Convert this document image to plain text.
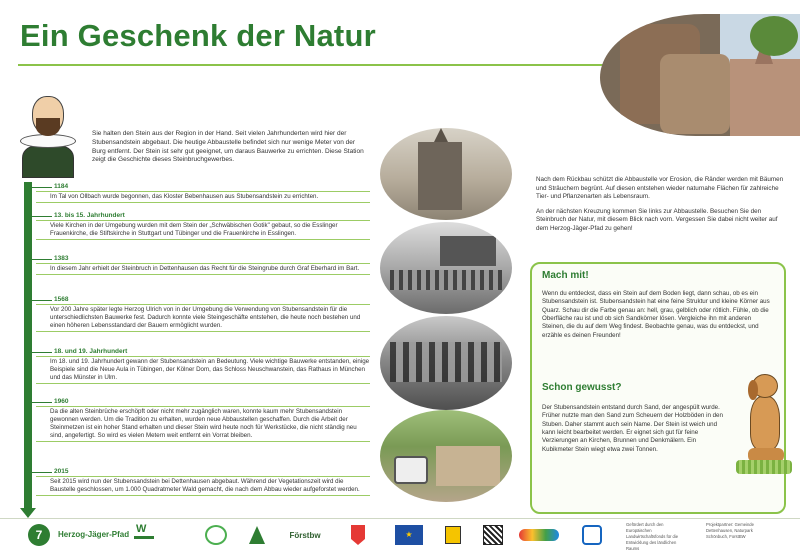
Ein Geschenk der Natur
Sie halten den Stein aus der Region in der Hand. Seit vielen Jahrhunderten wird hier der Stubensandstein abgebaut. Die heutige Abbaustelle befindet sich nur wenige Meter von der Burg entfernt. Der Stein ist sehr gut geeignet, um daraus Bauwerke zu errichten. Diese Station zeigt die Geschichte dieses Steinbruchgewerbes.
1184
Im Tal von Ollbach wurde begonnen, das Kloster Bebenhausen aus Stubensandstein zu errichten.
13. bis 15. Jahrhundert
Viele Kirchen in der Umgebung wurden mit dem Stein der „Schwäbischen Gotik" gebaut, so die Esslinger Frauenkirche, die Stiftskirche in Stuttgart und Tübinger und die Frauenkirche in Esslingen.
1383
In diesem Jahr erhielt der Steinbruch in Dettenhausen das Recht für die Steingrube durch Graf Eberhard im Bart.
1568
Vor 200 Jahre später legte Herzog Ulrich von in der Umgebung die Verwendung von Stubensandstein für die unterschiedlichsten Bauwerke fest. Dadurch konnte viele Steingeschäfte entstehen, die heute noch bestehen und einen höheren Lebensstandard der Bauern ermöglicht wurden.
18. und 19. Jahrhundert
Im 18. und 19. Jahrhundert gewann der Stubensandstein an Bedeutung. Viele wichtige Bauwerke entstanden, einige Beispiele sind die Neue Aula in Tübingen, der Kölner Dom, das Schloss Neuschwanstein, das Rathaus in München und das Münster in Ulm.
1960
Da die alten Steinbrüche erschöpft oder nicht mehr zugänglich waren, konnte kaum mehr Stubensandstein gewonnen werden. Um die Tradition zu erhalten, wurden neue Abbaustellen geschaffen. Durch die Arbeit der Steinmetzen ist ein hoher Stand erhalten und dieser Stein wird heute noch für Werkstücke, die nicht ständig neu sind, angefertigt. So wird es vielen Metern weit entfernt ein Vorrat bleiben.
2015
Seit 2015 wird nun der Stubensandstein bei Dettenhausen abgebaut. Während der Vegetationszeit wird die Baustelle geschlossen, um 1.000 Quadratmeter Wald gemacht, die nach dem Abbau wieder aufgeforstet werden.

Nach dem Rückbau schützt die Abbaustelle vor Erosion, die Ränder werden mit Bäumen und Sträuchern begrünt. Auf diesen entstehen wieder naturnahe Flächen für zahlreiche Tier- und Pflanzenarten als Lebensraum.

An der nächsten Kreuzung kommen Sie links zur Abbaustelle. Besuchen Sie den Steinbruch der Natur, mit diesem Blick nach vorn. Vergessen Sie dabei nicht weiter auf dem Herzog-Jäger-Pfad zu gehen!

Mach mit!
Wenn du entdeckst, dass ein Stein auf dem Boden liegt, dann schau, ob es ein Stubensandstein ist. Stubensandstein hat eine feine Struktur und kleine Körner aus Quarz. Schau dir die Farbe genau an: hell, grau, gelblich oder rötlich. Fühle, ob die Oberfläche rau ist und ob sich Sandkörner lösen. Vergleiche ihn mit anderen Steinen, die du auf dem Weg findest. Beobachte genau, was du entdeckst, und erzähle es deinen Freunden!
Schon gewusst?
Der Stubensandstein entstand durch Sand, der angespült wurde. Früher nutzte man den Sand zum Scheuern der Holzböden in den Stuben. Daher stammt auch sein Name. Der Stein ist weich und kann leicht bearbeitet werden. Er eignet sich gut für feine Verzierungen an Kirchen, Brunnen und Denkmälern. Ein Kubikmeter Stein wiegt etwa zwei Tonnen.
7	Herzog-Jäger-Pfad
W	Förstbw	★
Gefördert durch den Europäischen Landwirtschaftsfonds für die Entwicklung des ländlichen Raums
Projektpartner: Gemeinde Dettenhausen, Naturpark Schönbuch, ForstBW
